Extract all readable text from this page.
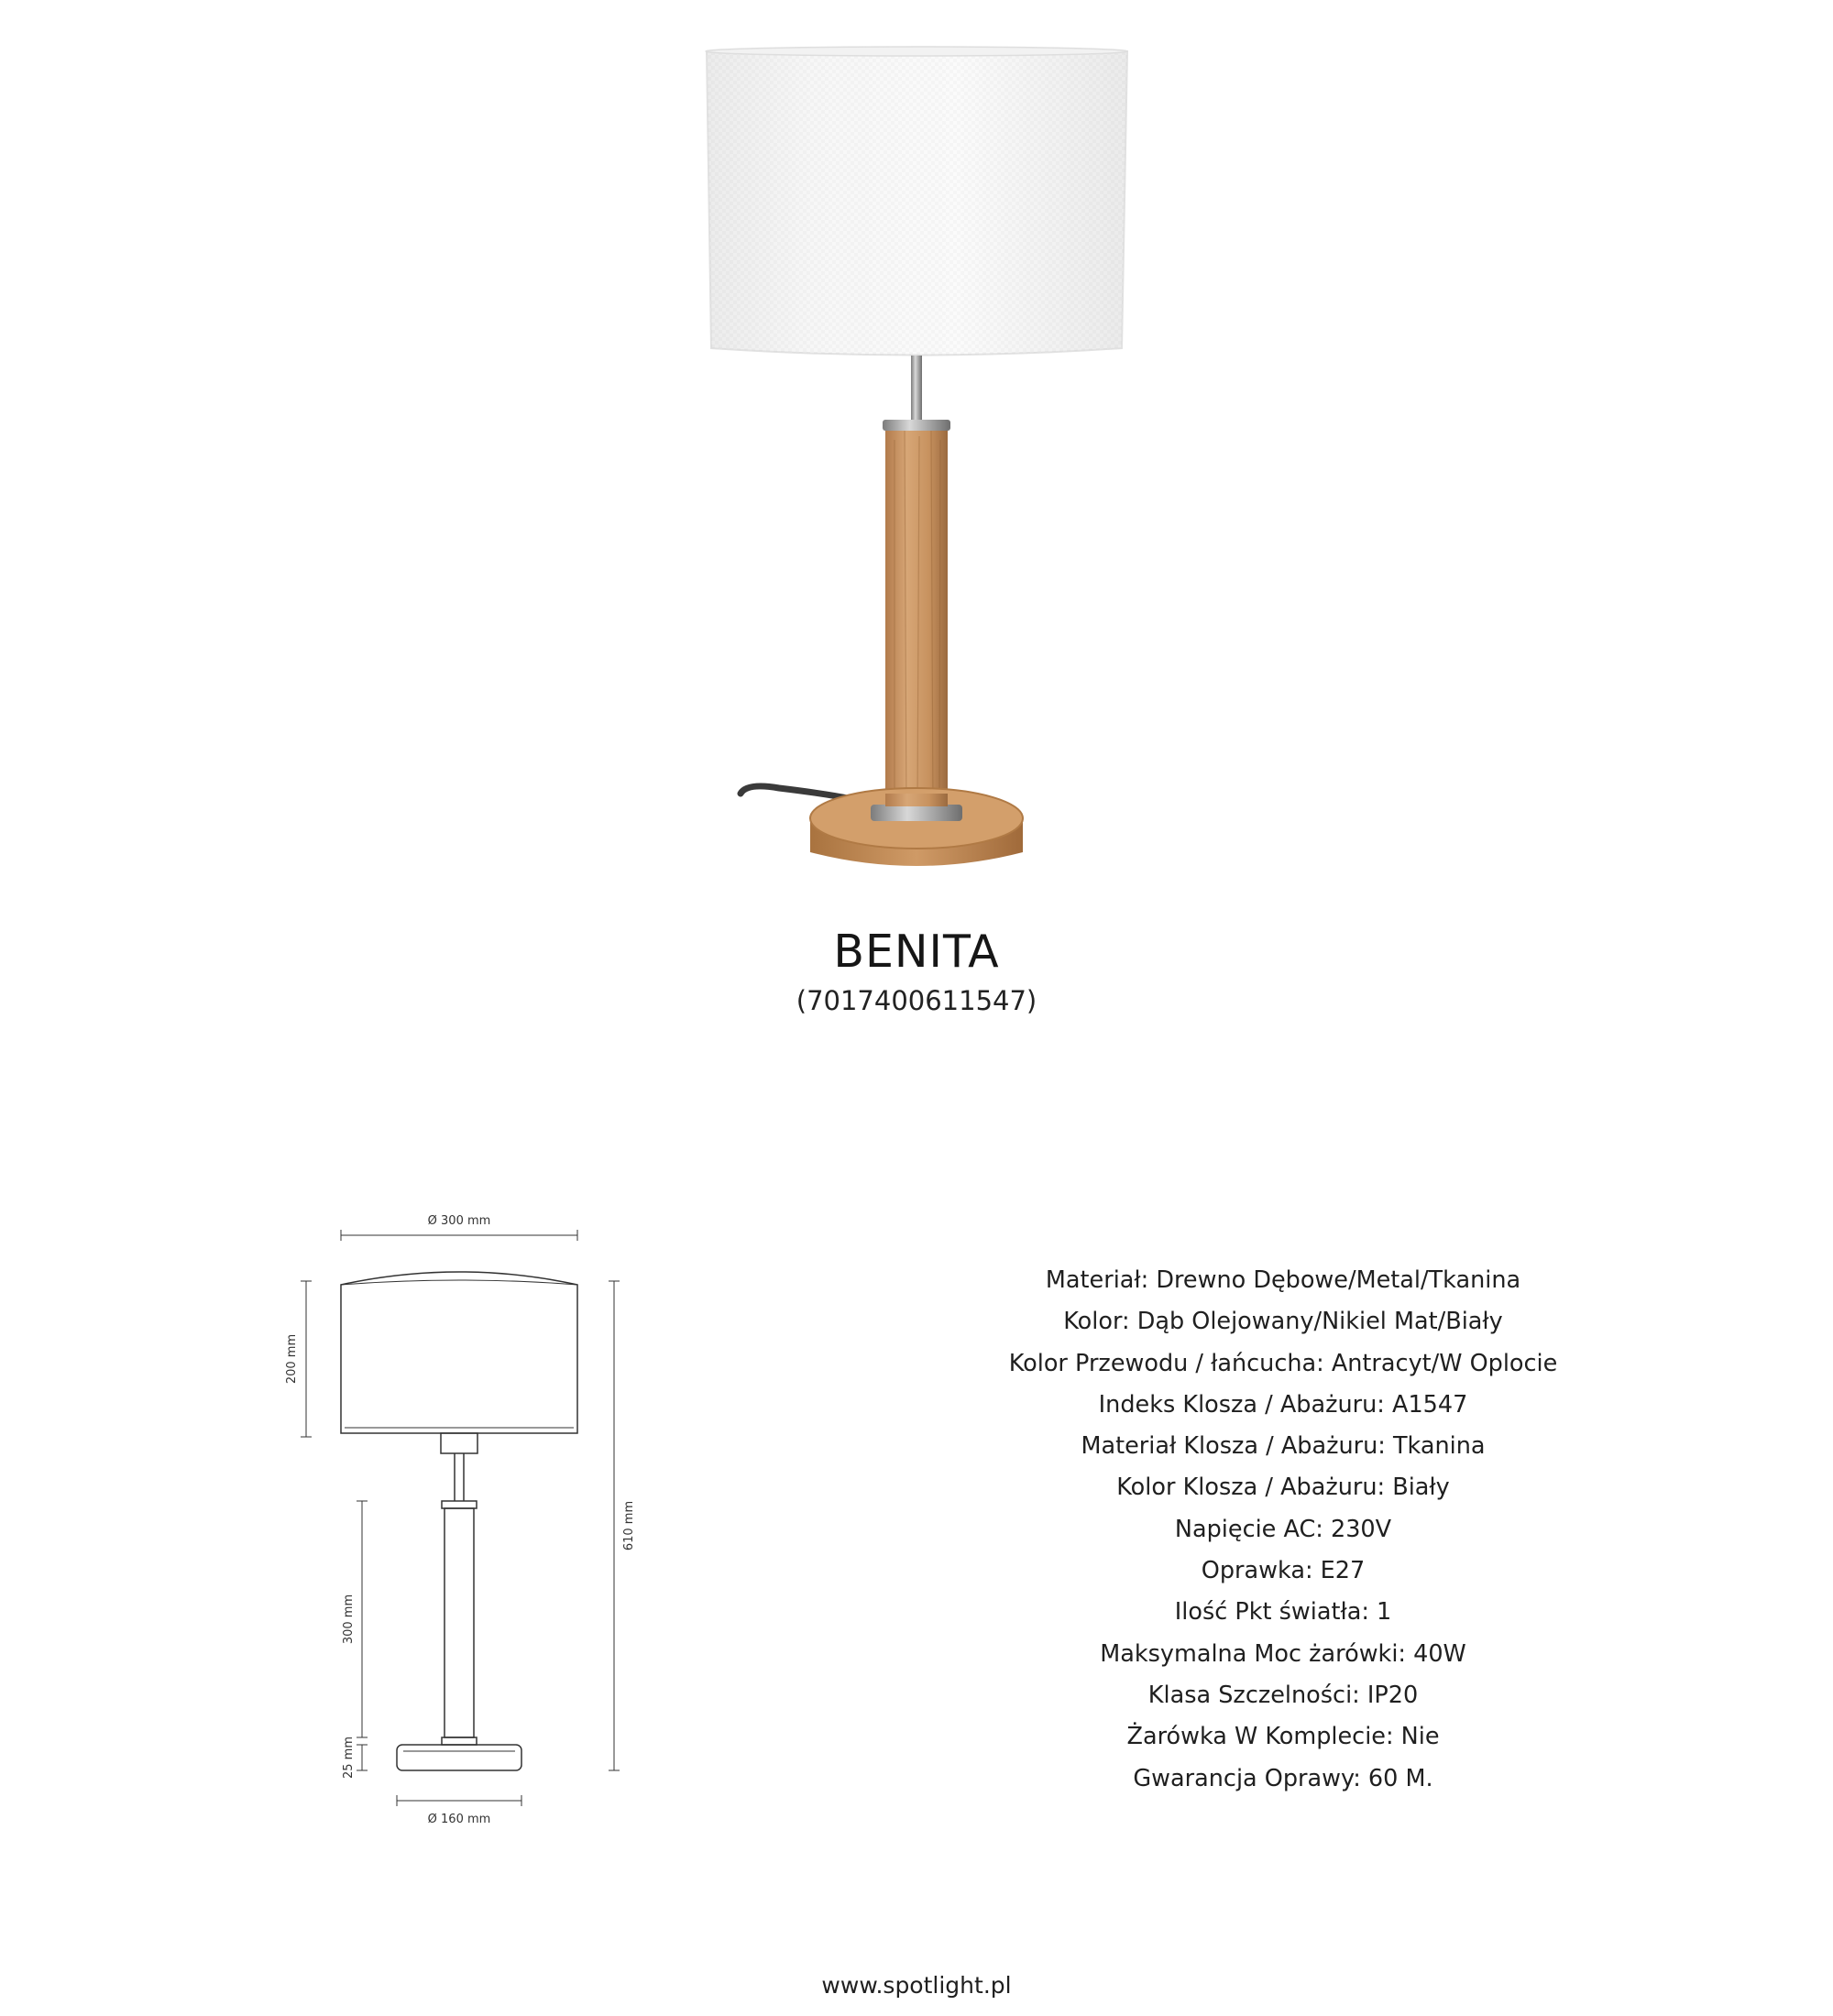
BENITA
(7017400611547)
Ø 300 mm
200 mm
610 mm
300 mm
25 mm
Ø 160 mm
Materiał: Drewno Dębowe/Metal/Tkanina
Kolor: Dąb Olejowany/Nikiel Mat/Biały
Kolor Przewodu / łańcucha: Antracyt/W Oplocie
Indeks Klosza / Abażuru: A1547
Materiał Klosza / Abażuru: Tkanina
Kolor Klosza / Abażuru: Biały
Napięcie AC: 230V
Oprawka: E27
Ilość Pkt światła: 1
Maksymalna Moc żarówki: 40W
Klasa Szczelności: IP20
Żarówka W Komplecie: Nie
Gwarancja Oprawy: 60 M.
www.spotlight.pl
